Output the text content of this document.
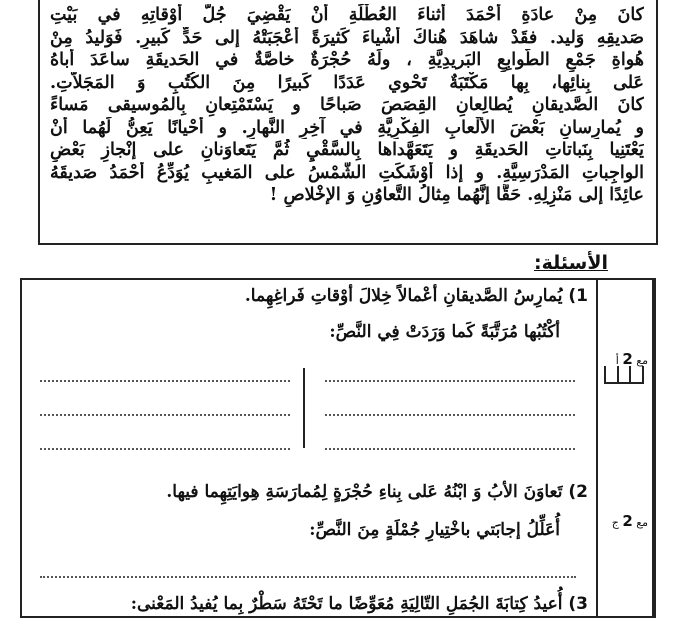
كانَ مِنْ عادَةِ أحْمَدَ أثناءَ العُطْلَةِ أنْ يَقْضِيَ جُلَّ أوْقاتِهِ في بَيْتِ
صَديقِهِ وَليد. فقَدْ شاهَدَ هُناكَ أشْياءَ كَثيرَةً أعْجَبَتْهُ إلى حَدٍّ كَبيرٍ. فَوَليدُ مِنْ
هُواةِ جَمْعِ الطَّوابِعِ البَريدِيَّةِ ، ولَهُ حُجْرَةٌ خاصَّةٌ في الحَديقَةِ ساعَدَ أباهُ
عَلى بِنائِها، بِها مَكْتَبَةٌ تَحْوي عَدَدًا كَبيرًا مِنَ الكُتُبِ وَ المَجَلاّتِ.
كانَ الصَّديقانِ يُطالِعانِ القِصَصَ صَباحًا و يَسْتَمْتِعانِ بِالمُوسيقى مَساءً
و يُمارِسانِ بَعْضَ الألْعابِ الفِكْرِيَّةِ في آخِرِ النَّهارِ. و أحْيانًا يَعِنُّ لَهُما أنْ
يَعْتَنِيا بِنَباتاتِ الحَديقَةِ و يَتَعَهَّداها بِالسَّقْيِ ثُمَّ يَتَعاوَنانِ على إنْجازِ بَعْضِ
الواجِباتِ المَدْرَسِيَّةِ. و إذا أوْشَكَتِ الشَّمْسُ على المَغيبِ يُوَدِّعُ أحْمَدُ صَديقَهُ
عائِدًا إلى مَنْزِلِهِ. حَقًّا إنَّهُما مِثالُ التَّعاوُنِ وَ الإخْلاصِ !
الأسئلة:
1) يُمارِسُ الصَّديقانِ أعْمالاً خِلالَ أوْقاتِ فَراغِهِما.
أكْتُبُها مُرَتَّبَةً كَما وَرَدَتْ فِي النَّصِّ:
2) تَعاوَنَ الأبُ وَ ابْنُهُ عَلى بِناءِ حُجْرَةٍ لِمُمارَسَةِ هِوايَتِهِما فيها.
أُعَلِّلُ إجابَتي باخْتِيارِ جُمْلَةٍ مِنَ النَّصِّ:
3) أُعيدُ كِتابَةَ الجُمَلِ التّالِيَةِ مُعَوِّضًا ما تَحْتَهُ سَطْرٌ بِما يُفيدُ المَعْنى:
مع 2 أ
مع 2 ج
